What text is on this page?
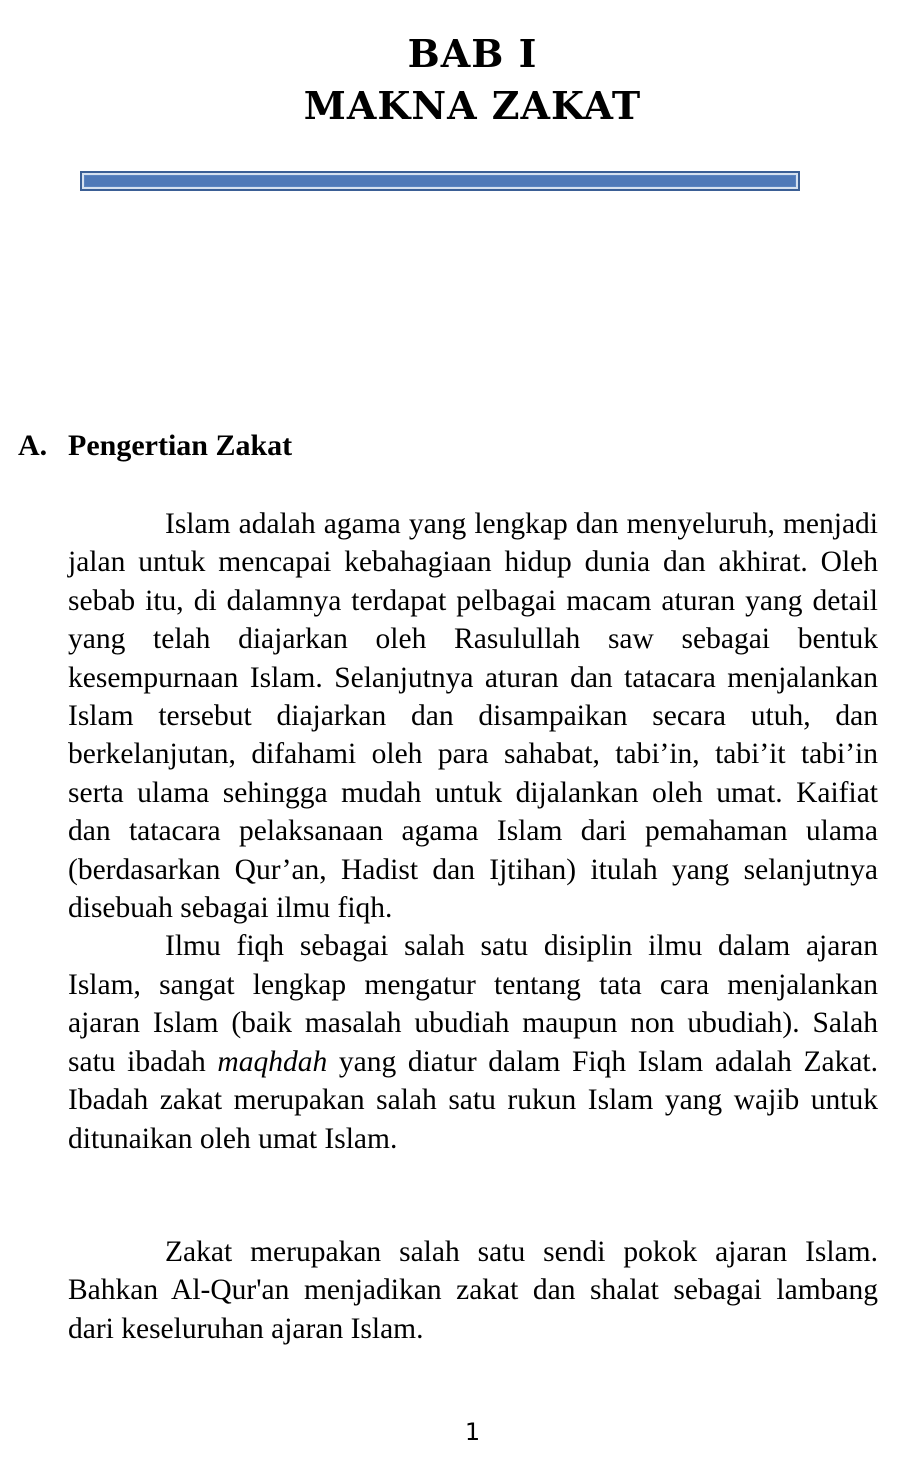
BAB I
MAKNA ZAKAT
A. Pengertian Zakat

Islam adalah agama yang lengkap dan menyeluruh, menjadi jalan untuk mencapai kebahagiaan hidup dunia dan akhirat. Oleh sebab itu, di dalamnya terdapat pelbagai macam aturan yang detail yang telah diajarkan oleh Rasulullah saw sebagai bentuk kesempurnaan Islam. Selanjutnya aturan dan tatacara menjalankan Islam tersebut diajarkan dan disampaikan secara utuh, dan berkelanjutan, difahami oleh para sahabat, tabi’in, tabi’it tabi’in serta ulama sehingga mudah untuk dijalankan oleh umat. Kaifiat dan tatacara pelaksanaan agama Islam dari pemahaman ulama (berdasarkan Qur’an, Hadist dan Ijtihan) itulah yang selanjutnya disebuah sebagai ilmu fiqh.

Ilmu fiqh sebagai salah satu disiplin ilmu dalam ajaran Islam, sangat lengkap mengatur tentang tata cara menjalankan ajaran Islam (baik masalah ubudiah maupun non ubudiah). Salah satu ibadah maqhdah yang diatur dalam Fiqh Islam adalah Zakat. Ibadah zakat merupakan salah satu rukun Islam yang wajib untuk ditunaikan oleh umat Islam.

Zakat merupakan salah satu sendi pokok ajaran Islam. Bahkan Al-Qur'an menjadikan zakat dan shalat sebagai lambang dari keseluruhan ajaran Islam.

1
